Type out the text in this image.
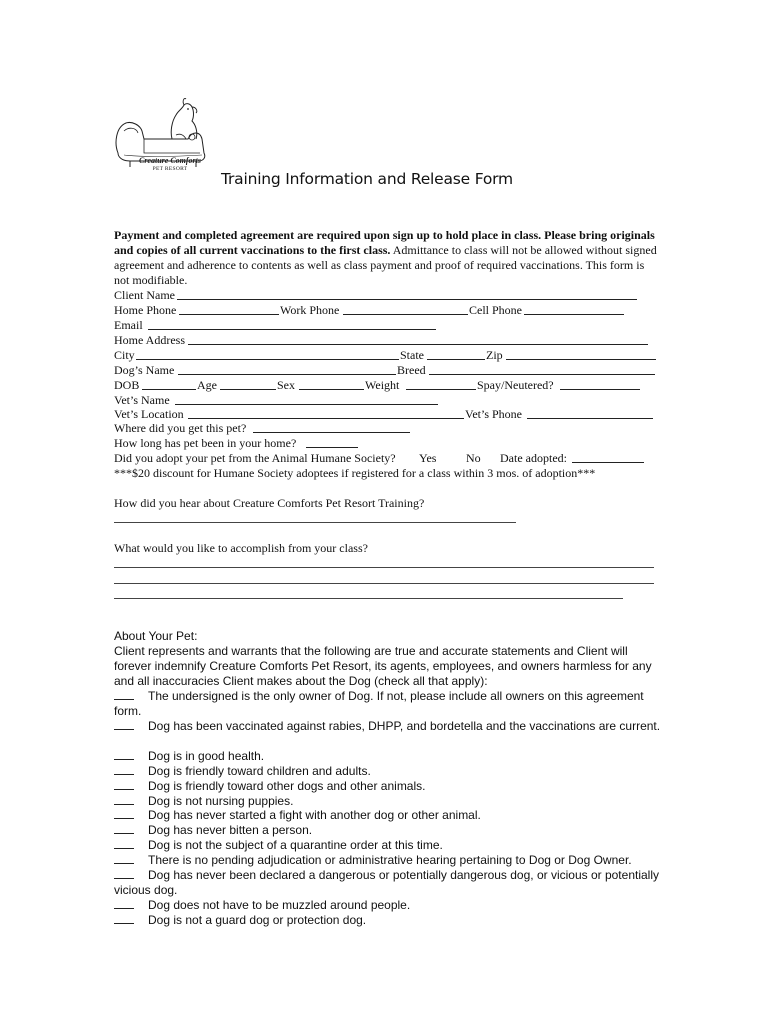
Creature Comforts
PET RESORT
Training Information and Release Form
Payment and completed agreement are required upon sign up to hold place in class. Please bring originals and copies of all current vaccinations to the first class. Admittance to class will not be allowed without signed agreement and adherence to contents as well as class payment and proof of required vaccinations. This form is not modifiable.
Client Name
Home Phone	Work Phone	Cell Phone
Email
Home Address
City	State	Zip
Dog’s Name	Breed
DOB	Age	Sex	Weight	Spay/Neutered?
Vet’s Name
Vet’s Location	Vet’s Phone
Where did you get this pet?
How long has pet been in your home?
Did you adopt your pet from the Animal Humane Society? Yes No Date adopted:
***$20 discount for Humane Society adoptees if registered for a class within 3 mos. of adoption***
How did you hear about Creature Comforts Pet Resort Training?
What would you like to accomplish from your class?
About Your Pet:
Client represents and warrants that the following are true and accurate statements and Client will forever indemnify Creature Comforts Pet Resort, its agents, employees, and owners harmless for any and all inaccuracies Client makes about the Dog (check all that apply):
The undersigned is the only owner of Dog. If not, please include all owners on this agreement form.
Dog has been vaccinated against rabies, DHPP, and bordetella and the vaccinations are current.
Dog is in good health.
Dog is friendly toward children and adults.
Dog is friendly toward other dogs and other animals.
Dog is not nursing puppies.
Dog has never started a fight with another dog or other animal.
Dog has never bitten a person.
Dog is not the subject of a quarantine order at this time.
There is no pending adjudication or administrative hearing pertaining to Dog or Dog Owner.
Dog has never been declared a dangerous or potentially dangerous dog, or vicious or potentially vicious dog.
Dog does not have to be muzzled around people.
Dog is not a guard dog or protection dog.
